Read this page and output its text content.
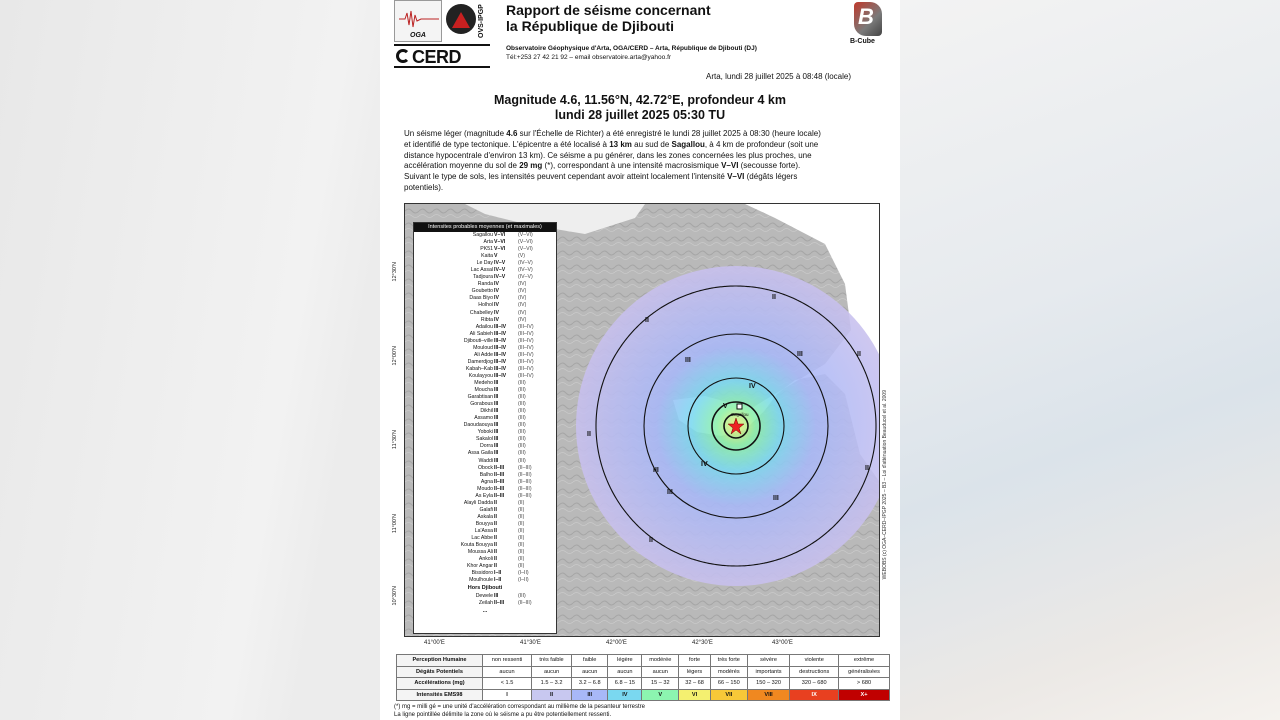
OGA	OVS-IPGP
CERD
Rapport de séisme concernant
la République de Djibouti
Observatoire Géophysique d'Arta, OGA/CERD – Arta, République de Djibouti (DJ)
Tél:+253 27 42 21 92 – email observatoire.arta@yahoo.fr
B
B-Cube
Arta, lundi 28 juillet 2025 à 08:48 (locale)
Magnitude 4.6, 11.56°N, 42.72°E, profondeur 4 km
lundi 28 juillet 2025 05:30 TU
Un séisme léger (magnitude 4.6 sur l'Échelle de Richter) a été enregistré le lundi 28 juillet 2025 à 08:30 (heure locale) et identifié de type tectonique. L'épicentre a été localisé à 13 km au sud de Sagallou, à 4 km de profondeur (soit une distance hypocentrale d'environ 13 km). Ce séisme a pu générer, dans les zones concernées les plus proches, une accélération moyenne du sol de 29 mg (*), correspondant à une intensité macrosismique V–VI (secousse forte). Suivant le type de sols, les intensités peuvent cependant avoir atteint localement l'intensité V–VI (dégâts légers potentiels).
Sagallou
II
II
II
II
II
II
III
III
III
III
III
IV
IV
V
Intensites probables moyennes (et maximales)
Sagallou V–VI	(V–VI)
Arta V–VI	(V–VI)
PK51 V–VI	(V–VI)
Kaita V	(V)
Le Day IV–V	(IV–V)
Lac Assal IV–V	(IV–V)
Tadjoura IV–V	(IV–V)
Randa IV	(IV)
Goubetto IV	(IV)
Daas Biyo IV	(IV)
Holhol IV	(IV)
Chabelley IV	(IV)
Ribta IV	(IV)
Adailou III–IV	(III–IV)
Ali Sabieh III–IV	(III–IV)
Djibouti–ville III–IV	(III–IV)
Mouloud III–IV	(III–IV)
Ali Adde III–IV	(III–IV)
Damerdjog III–IV	(III–IV)
Kabah–Kab III–IV	(III–IV)
Koulayyou III–IV	(III–IV)
Medeho III	(III)
Moucha III	(III)
Garabtisan III	(III)
Gorabous III	(III)
Dikhil III	(III)
Assamo III	(III)
Daoudaouya III	(III)
Yoboki III	(III)
Sakalol III	(III)
Dorra III	(III)
Assa Gaila III	(III)
Waddi III	(III)
Obock II–III	(II–III)
Balho II–III	(II–III)
Agna II–III	(II–III)
Moudo II–III	(II–III)
As Eyla II–III	(II–III)
Alayli Dadda II	(II)
Galafi II	(II)
Askala II	(II)
Bouyya II	(II)
La'Assa II	(II)
Lac Abbe II	(II)
Kouta Bouyya II	(II)
Moussa Ali II	(II)
Ankoli II	(II)
Khor Angar II	(II)
Bissidoro I–II	(I–II)
Moulhoule I–II	(I–II)
Hors Djibouti
Dewele III	(III)
Zeilah II–III	(II–III)
...
12°30'N
12°00'N
11°30'N
11°00'N
10°30'N
41°00'E	41°30'E	42°00'E	42°30'E	43°00'E
WEBOBS (c) OGA–CERD–IPGP 2025 – B3 – Loi d'atténuation Beauducel et al. 2009
Perception Humaine	non ressenti	très faible	faible	légère	modérée	forte	très forte	sévère	violente	extrême
Dégâts Potentiels	aucun	aucun	aucun	aucun	aucun	légers	modérés	importants	destructions	généralisées
Accélérations (mg)	< 1.5	1.5 – 3.2	3.2 – 6.8	6.8 – 15	15 – 32	32 – 68	66 – 150	150 – 320	320 – 680	> 680
Intensités EMS98	I	II	III	IV	V	VI	VII	VIII	IX	X+
(*) mg = milli gé = une unité d'accélération correspondant au millième de la pesanteur terrestre
La ligne pointillée délimite la zone où le séisme a pu être potentiellement ressenti.
